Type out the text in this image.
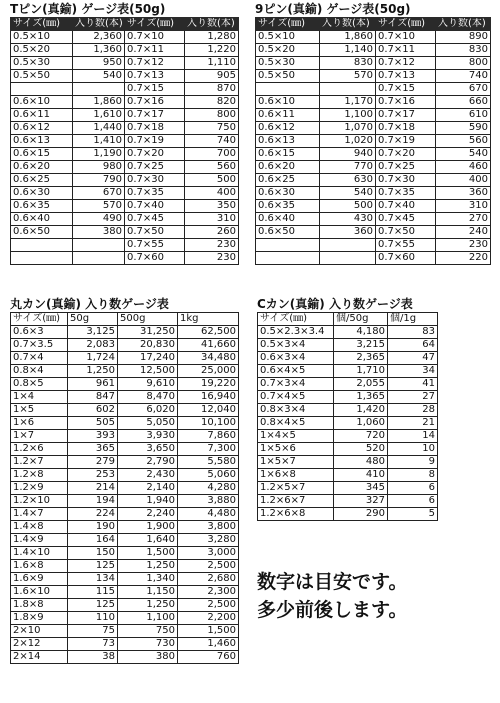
Tピン(真鍮) ゲージ表(50g)
サイズ(㎜)	入り数(本)	サイズ(㎜)	入り数(本)
0.5×10	2,360	0.7×10	1,280
0.5×20	1,360	0.7×11	1,220
0.5×30	950	0.7×12	1,110
0.5×50	540	0.7×13	905
		0.7×15	870
0.6×10	1,860	0.7×16	820
0.6×11	1,610	0.7×17	800
0.6×12	1,440	0.7×18	750
0.6×13	1,410	0.7×19	740
0.6×15	1,190	0.7×20	700
0.6×20	980	0.7×25	560
0.6×25	790	0.7×30	500
0.6×30	670	0.7×35	400
0.6×35	570	0.7×40	350
0.6×40	490	0.7×45	310
0.6×50	380	0.7×50	260
		0.7×55	230
		0.7×60	230
9ピン(真鍮) ゲージ表(50g)
サイズ(㎜)	入り数(本)	サイズ(㎜)	入り数(本)
0.5×10	1,860	0.7×10	890
0.5×20	1,140	0.7×11	830
0.5×30	830	0.7×12	800
0.5×50	570	0.7×13	740
		0.7×15	670
0.6×10	1,170	0.7×16	660
0.6×11	1,100	0.7×17	610
0.6×12	1,070	0.7×18	590
0.6×13	1,020	0.7×19	560
0.6×15	940	0.7×20	540
0.6×20	770	0.7×25	460
0.6×25	630	0.7×30	400
0.6×30	540	0.7×35	360
0.6×35	500	0.7×40	310
0.6×40	430	0.7×45	270
0.6×50	360	0.7×50	240
		0.7×55	230
		0.7×60	220
丸カン(真鍮) 入り数ゲージ表
サイズ(㎜)	50g	500g	1kg
0.6×3	3,125	31,250	62,500
0.7×3.5	2,083	20,830	41,660
0.7×4	1,724	17,240	34,480
0.8×4	1,250	12,500	25,000
0.8×5	961	9,610	19,220
1×4	847	8,470	16,940
1×5	602	6,020	12,040
1×6	505	5,050	10,100
1×7	393	3,930	7,860
1.2×6	365	3,650	7,300
1.2×7	279	2,790	5,580
1.2×8	253	2,430	5,060
1.2×9	214	2,140	4,280
1.2×10	194	1,940	3,880
1.4×7	224	2,240	4,480
1.4×8	190	1,900	3,800
1.4×9	164	1,640	3,280
1.4×10	150	1,500	3,000
1.6×8	125	1,250	2,500
1.6×9	134	1,340	2,680
1.6×10	115	1,150	2,300
1.8×8	125	1,250	2,500
1.8×9	110	1,100	2,200
2×10	75	750	1,500
2×12	73	730	1,460
2×14	38	380	760
Cカン(真鍮) 入り数ゲージ表
サイズ(㎜)	個/50g	個/1g
0.5×2.3×3.4	4,180	83
0.5×3×4	3,215	64
0.6×3×4	2,365	47
0.6×4×5	1,710	34
0.7×3×4	2,055	41
0.7×4×5	1,365	27
0.8×3×4	1,420	28
0.8×4×5	1,060	21
1×4×5	720	14
1×5×6	520	10
1×5×7	480	9
1×6×8	410	8
1.2×5×7	345	6
1.2×6×7	327	6
1.2×6×8	290	5
数字は目安です。
多少前後します。
